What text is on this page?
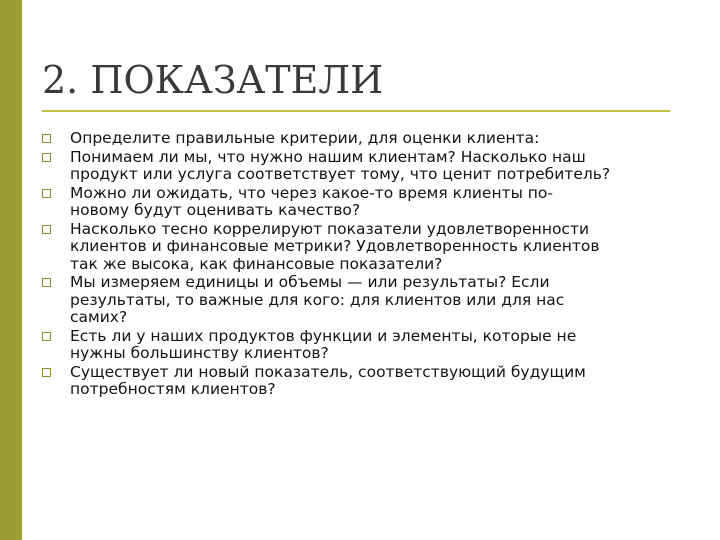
2. ПОКАЗАТЕЛИ
Определите правильные критерии, для оценки клиента:
Понимаем ли мы, что нужно нашим клиентам? Насколько наш
продукт или услуга соответствует тому, что ценит потребитель?
Можно ли ожидать, что через какое-то время клиенты по-
новому будут оценивать качество?
Насколько тесно коррелируют показатели удовлетворенности
клиентов и финансовые метрики? Удовлетворенность клиентов
так же высока, как финансовые показатели?
Мы измеряем единицы и объемы — или результаты? Если
результаты, то важные для кого: для клиентов или для нас
самих?
Есть ли у наших продуктов функции и элементы, которые не
нужны большинству клиентов?
Существует ли новый показатель, соответствующий будущим
потребностям клиентов?
